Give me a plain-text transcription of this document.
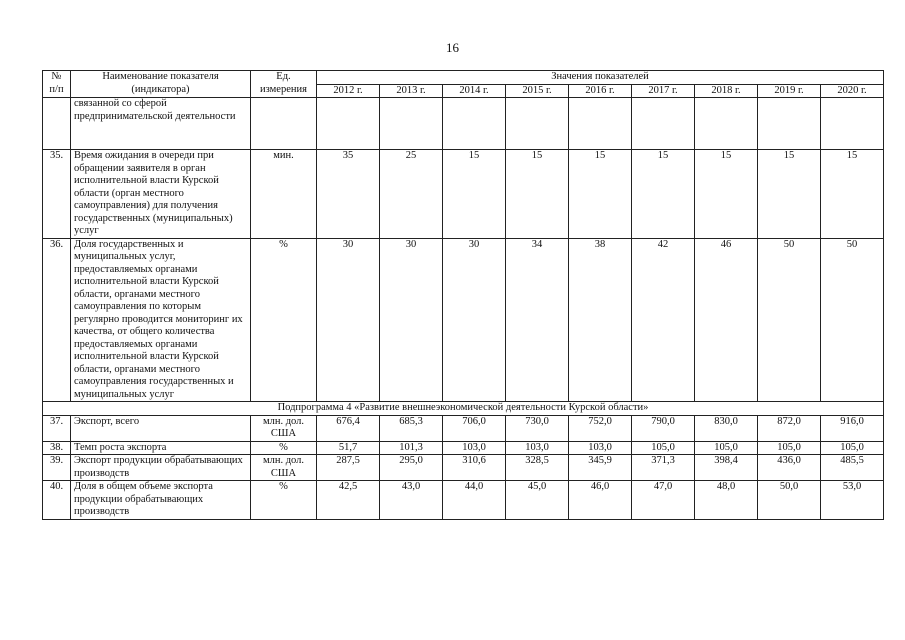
16
№ п/п	Наименование показателя (индикатора)	Ед. измерения	Значения показателей								
			2012 г.	2013 г.	2014 г.	2015 г.	2016 г.	2017 г.	2018 г.	2019 г.	2020 г.
	связанной со сферой предпринимательской деятельности										
35.	Время ожидания в очереди при обращении заявителя в орган исполнительной власти Курской области (орган местного самоуправления) для получения государственных (муниципальных) услуг	мин.	35	25	15	15	15	15	15	15	15
36.	Доля государственных и муниципальных услуг, предоставляемых органами исполнительной власти Курской области, органами местного самоуправления по которым регулярно проводится мониторинг их качества, от общего количества предоставляемых органами исполнительной власти Курской области, органами местного самоуправления государственных и муниципальных услуг	%	30	30	30	34	38	42	46	50	50
Подпрограмма 4 «Развитие внешнеэкономической деятельности Курской области»											
37.	Экспорт, всего	млн. дол. США	676,4	685,3	706,0	730,0	752,0	790,0	830,0	872,0	916,0
38.	Темп роста экспорта	%	51,7	101,3	103,0	103,0	103,0	105,0	105,0	105,0	105,0
39.	Экспорт продукции обрабатывающих производств	млн. дол. США	287,5	295,0	310,6	328,5	345,9	371,3	398,4	436,0	485,5
40.	Доля в общем объеме экспорта продукции обрабатывающих производств	%	42,5	43,0	44,0	45,0	46,0	47,0	48,0	50,0	53,0
